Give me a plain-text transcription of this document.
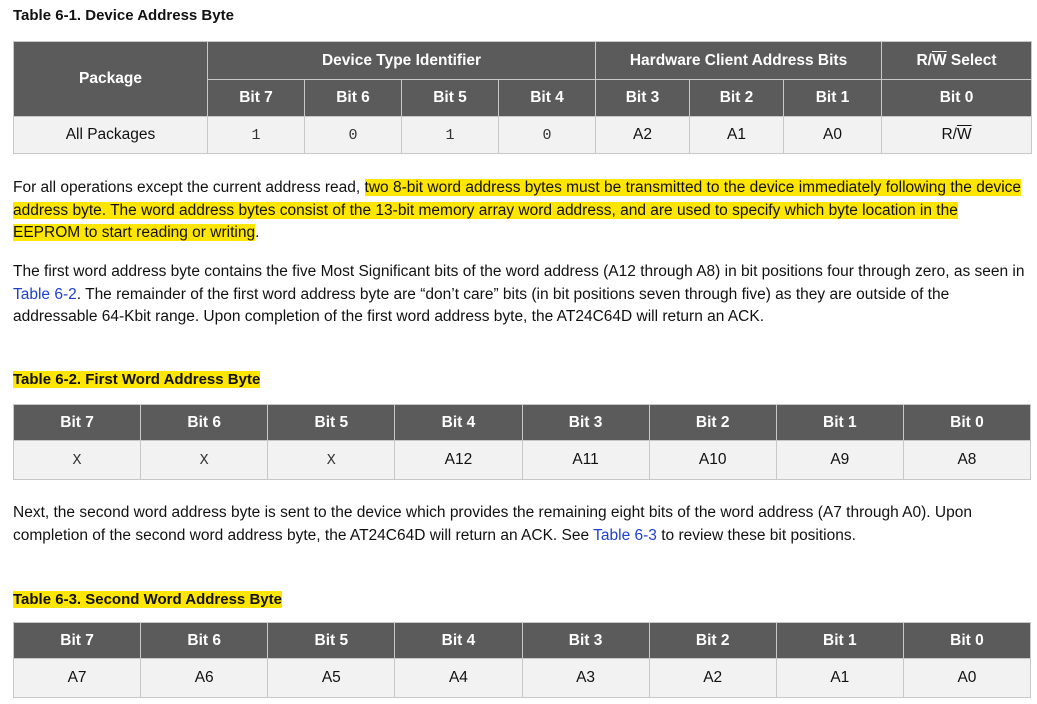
Table 6-1. Device Address Byte
Package	Device Type Identifier				Hardware Client Address Bits			$R/\overline{W}$ Select
	Bit 7	Bit 6	Bit 5	Bit 4	Bit 3	Bit 2	Bit 1	Bit 0
All Packages	1	0	1	0	A2	A1	A0	$R/\overline{W}$
For all operations except the current address read, two 8-bit word address bytes must be transmitted to the device immediately following the device address byte. The word address bytes consist of the 13-bit memory array word address, and are used to specify which byte location in the EEPROM to start reading or writing.
The first word address byte contains the five Most Significant bits of the word address (A12 through A8) in bit positions four through zero, as seen in Table 6-2. The remainder of the first word address byte are “don’t care” bits (in bit positions seven through five) as they are outside of the addressable 64-Kbit range. Upon completion of the first word address byte, the AT24C64D will return an ACK.
Table 6-2. First Word Address Byte
Bit 7	Bit 6	Bit 5	Bit 4	Bit 3	Bit 2	Bit 1	Bit 0
X	X	X	A12	A11	A10	A9	A8
Next, the second word address byte is sent to the device which provides the remaining eight bits of the word address (A7 through A0). Upon completion of the second word address byte, the AT24C64D will return an ACK. See Table 6-3 to review these bit positions.
Table 6-3. Second Word Address Byte
Bit 7	Bit 6	Bit 5	Bit 4	Bit 3	Bit 2	Bit 1	Bit 0
A7	A6	A5	A4	A3	A2	A1	A0
